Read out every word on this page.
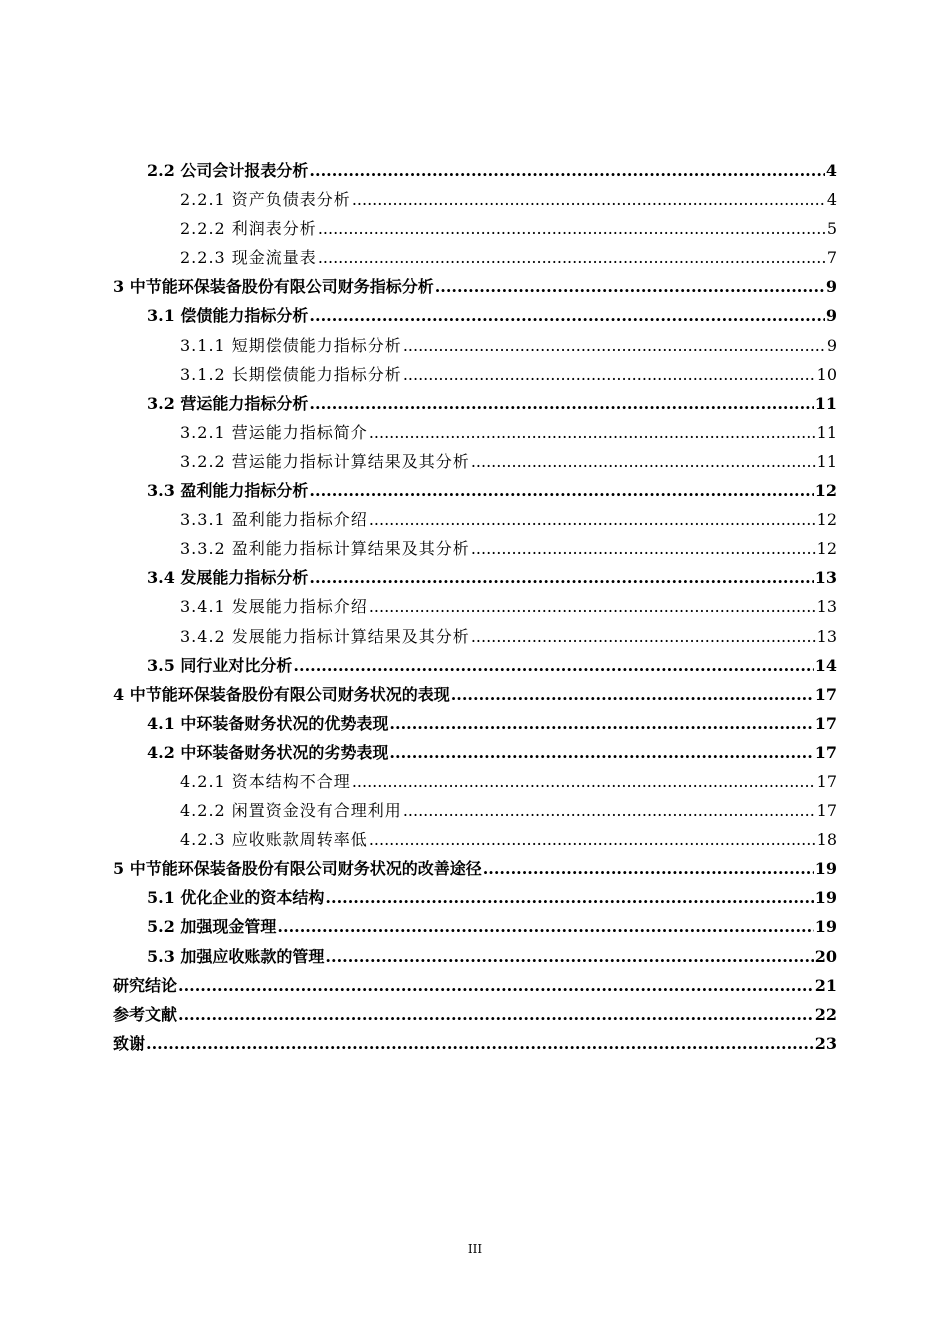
2.2 公司会计报表分析 .....	4
2.2.1 资产负债表分析 .....	4
2.2.2 利润表分析 .....	5
2.2.3 现金流量表 .....	7
3 中节能环保装备股份有限公司财务指标分析 .....	9
3.1 偿债能力指标分析 .....	9
3.1.1 短期偿债能力指标分析 .....	9
3.1.2 长期偿债能力指标分析 .....	10
3.2 营运能力指标分析 .....	11
3.2.1 营运能力指标简介 .....	11
3.2.2 营运能力指标计算结果及其分析 .....	11
3.3 盈利能力指标分析 .....	12
3.3.1 盈利能力指标介绍 .....	12
3.3.2 盈利能力指标计算结果及其分析 .....	12
3.4 发展能力指标分析 .....	13
3.4.1 发展能力指标介绍 .....	13
3.4.2 发展能力指标计算结果及其分析 .....	13
3.5 同行业对比分析 .....	14
4 中节能环保装备股份有限公司财务状况的表现 .....	17
4.1 中环装备财务状况的优势表现 .....	17
4.2 中环装备财务状况的劣势表现 .....	17
4.2.1 资本结构不合理 .....	17
4.2.2 闲置资金没有合理利用 .....	17
4.2.3 应收账款周转率低 .....	18
5 中节能环保装备股份有限公司财务状况的改善途径 .....	19
5.1 优化企业的资本结构 .....	19
5.2 加强现金管理 .....	19
5.3 加强应收账款的管理 .....	20
研究结论 .....	21
参考文献 .....	22
致谢 .....	23
III
